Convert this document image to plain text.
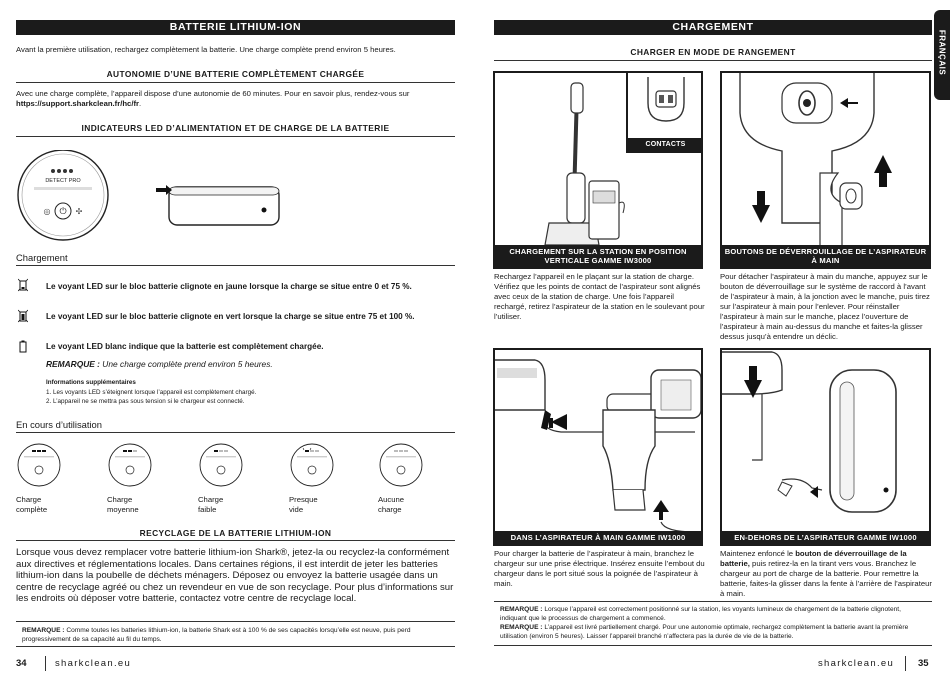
BATTERIE LITHIUM-ION
Avant la première utilisation, rechargez complètement la batterie. Une charge complète prend environ 5 heures.
AUTONOMIE D’UNE BATTERIE COMPLÈTEMENT CHARGÉE
Avec une charge complète, l’appareil dispose d’une autonomie de 60 minutes. Pour en savoir plus, rendez-vous sur https://support.sharkclean.fr/hc/fr.
INDICATEURS LED D’ALIMENTATION ET DE CHARGE DE LA BATTERIE
DETECT PRO
⏻
◎	✣
Chargement
Le voyant LED sur le bloc batterie clignote en jaune lorsque la charge se situe entre 0 et 75 %.
Le voyant LED sur le bloc batterie clignote en vert lorsque la charge se situe entre 75 et 100 %.
Le voyant LED blanc indique que la batterie est complètement chargée.
REMARQUE : Une charge complète prend environ 5 heures.
Informations supplémentaires
1. Les voyants LED s’éteignent lorsque l’appareil est complètement chargé.
2. L’appareil ne se mettra pas sous tension si le chargeur est connecté.
En cours d’utilisation
Charge
complète
Charge
moyenne
Charge
faible
Presque
vide
Aucune
charge
RECYCLAGE DE LA BATTERIE LITHIUM-ION
Lorsque vous devez remplacer votre batterie lithium-ion Shark®, jetez-la ou recyclez-la conformément aux directives et réglementations locales. Dans certaines régions, il est interdit de jeter les batteries lithium-ion dans la poubelle de déchets ménagers. Déposez ou envoyez la batterie usagée dans un centre de recyclage agréé ou chez un revendeur en vue de son recyclage. Pour plus d’informations sur les endroits où déposer votre batterie, contactez votre centre de recyclage local.
REMARQUE : Comme toutes les batteries lithium-ion, la batterie Shark est à 100 % de ses capacités lorsqu’elle est neuve, puis perd progressivement de sa capacité au fil du temps.
34	sharkclean.eu
CHARGEMENT
FRANÇAIS
CHARGER EN MODE DE RANGEMENT
CONTACTS
CHARGEMENT SUR LA STATION EN POSITION VERTICALE GAMME IW3000
Rechargez l’appareil en le plaçant sur la station de charge. Vérifiez que les points de contact de l’aspirateur sont alignés avec ceux de la station de charge. Une fois l’appareil rechargé, retirez l’aspirateur de la station en le soulevant pour l’utiliser.
BOUTONS DE DÉVERROUILLAGE DE L’ASPIRATEUR À MAIN
Pour détacher l’aspirateur à main du manche, appuyez sur le bouton de déverrouillage sur le système de raccord à l’avant de l’aspirateur à main, à la jonction avec le manche, puis tirez sur l’aspirateur à main pour l’enlever. Pour réinstaller l’aspirateur à main sur le manche, placez l’ouverture de l’aspirateur à main au-dessus du manche et faites-la glisser dessus jusqu’à entendre un déclic.
DANS L’ASPIRATEUR À MAIN GAMME IW1000
Pour charger la batterie de l’aspirateur à main, branchez le chargeur sur une prise électrique. Insérez ensuite l’embout du chargeur dans le port situé sous la poignée de l’aspirateur à main.
EN-DEHORS DE L’ASPIRATEUR GAMME IW1000
Maintenez enfoncé le bouton de déverrouillage de la batterie, puis retirez-la en la tirant vers vous. Branchez le chargeur au port de charge de la batterie. Pour remettre la batterie, faites-la glisser dans la fente à l’arrière de l’aspirateur à main.
REMARQUE : Lorsque l’appareil est correctement positionné sur la station, les voyants lumineux de chargement de la batterie clignotent, indiquant que le processus de chargement a commencé.
REMARQUE : L’appareil est livré partiellement chargé. Pour une autonomie optimale, rechargez complètement la batterie avant la première utilisation (environ 5 heures). Laisser l’appareil branché n’affectera pas la durée de vie de la batterie.
sharkclean.eu	35
